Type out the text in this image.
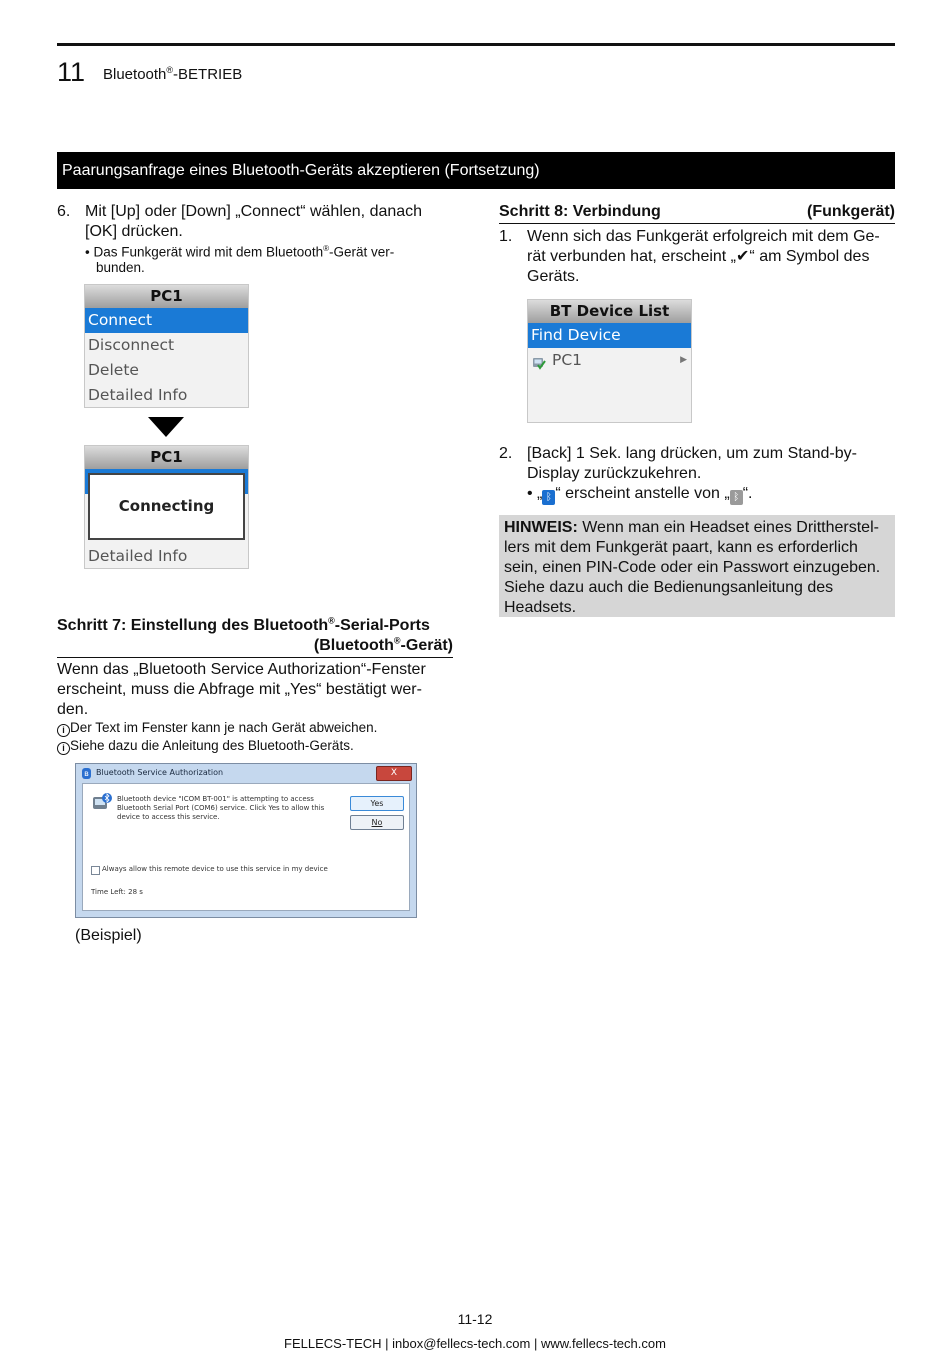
11 Bluetooth®-BETRIEB
Paarungsanfrage eines Bluetooth-Geräts akzeptieren (Fortsetzung)
6. Mit [Up] oder [Down] „Connect“ wählen, danach
[OK] drücken.
• Das Funkgerät wird mit dem Bluetooth®-Gerät ver-
bunden.
PC1
Connect
Disconnect
Delete
Detailed Info
PC1
Detailed Info
Connecting
Schritt 7: Einstellung des Bluetooth®-Serial-Ports
(Bluetooth®-Gerät)
Wenn das „Bluetooth Service Authorization“-Fenster
erscheint, muss die Abfrage mit „Yes“ bestätigt wer-
den.
i Der Text im Fenster kann je nach Gerät abweichen.
i Siehe dazu die Anleitung des Bluetooth-Geräts.
ʙ Bluetooth Service Authorization	X
Bluetooth device "ICOM BT-001" is attempting to access
Bluetooth Serial Port (COM6) service. Click Yes to allow this
device to access this service.
Yes
No
Always allow this remote device to use this service in my device
Time Left: 28 s
(Beispiel)
Schritt 8: Verbindung	(Funkgerät)
1. Wenn sich das Funkgerät erfolgreich mit dem Ge-
rät verbunden hat, erscheint „✔“ am Symbol des
Geräts.
BT Device List
Find Device
PC1	▶
2. [Back] 1 Sek. lang drücken, um zum Stand-by-
Display zurückzukehren.
• „ ᛒ “ erscheint anstelle von „ ᛒ “.
HINWEIS: Wenn man ein Headset eines Drittherstel-
lers mit dem Funkgerät paart, kann es erforderlich
sein, einen PIN-Code oder ein Passwort einzugeben.
Siehe dazu auch die Bedienungsanleitung des
Headsets.
11-12
FELLECS-TECH | inbox@fellecs-tech.com | www.fellecs-tech.com
